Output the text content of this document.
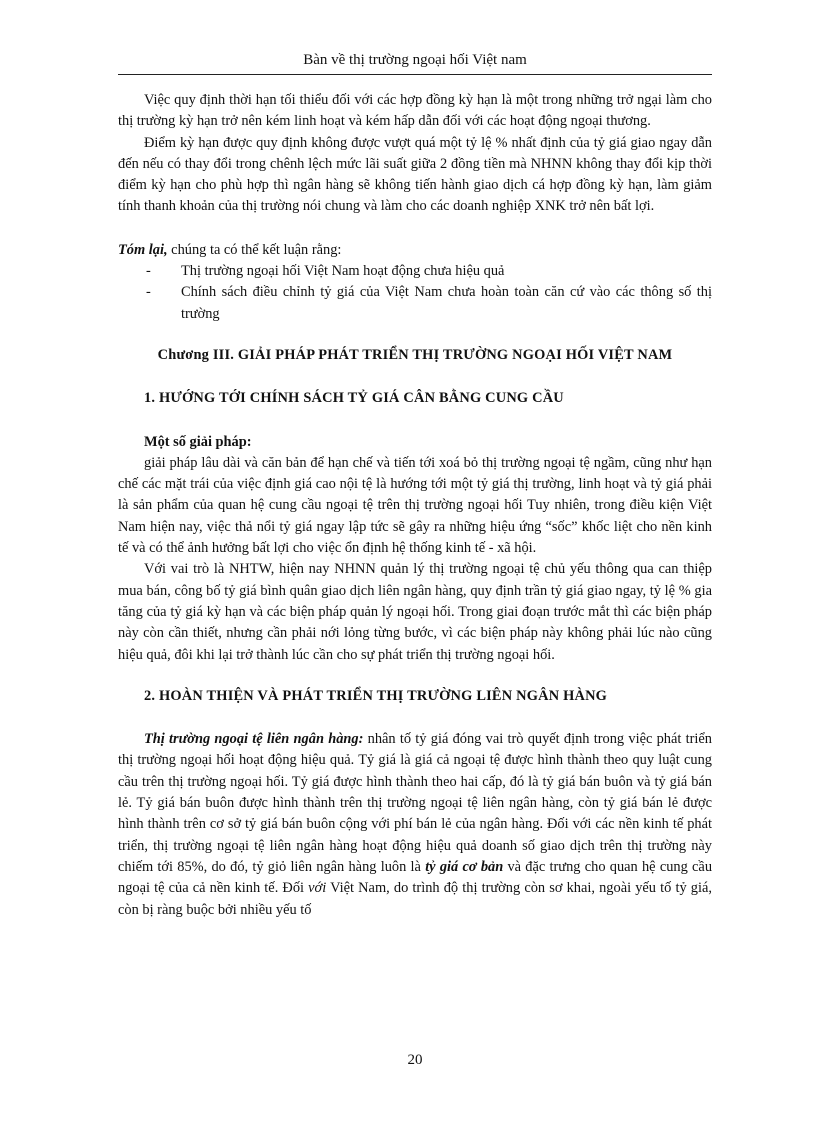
Bàn về thị trường ngoại hối Việt nam

Việc quy định thời hạn tối thiểu đối với các hợp đồng kỳ hạn là một trong những trở ngại làm cho thị trường kỳ hạn trở nên kém linh hoạt và kém hấp dẫn đối với các hoạt động ngoại thương.

Điểm kỳ hạn được quy định không được vượt quá một tỷ lệ % nhất định của tỷ giá giao ngay dẫn đến nếu có thay đổi trong chênh lệch mức lãi suất giữa 2 đồng tiền mà NHNN không thay đổi kịp thời điểm kỳ hạn cho phù hợp thì ngân hàng sẽ không tiến hành giao dịch cá hợp đồng kỳ hạn, làm giảm tính thanh khoản của thị trường nói chung và làm cho các doanh nghiệp XNK trở nên bất lợi.

Tóm lại, chúng ta có thể kết luận rằng:

- Thị trường ngoại hối Việt Nam hoạt động chưa hiệu quả
- Chính sách điều chỉnh tỷ giá của Việt Nam chưa hoàn toàn căn cứ vào các thông số thị trường

Chương III. GIẢI PHÁP PHÁT TRIỂN THỊ TRƯỜNG NGOẠI HỐI VIỆT NAM

1. HƯỚNG TỚI CHÍNH SÁCH TỶ GIÁ CÂN BẰNG CUNG CẦU

Một số giải pháp:

giải pháp lâu dài và căn bản để hạn chế và tiến tới xoá bỏ thị trường ngoại tệ ngầm, cũng như hạn chế các mặt trái của việc định giá cao nội tệ là hướng tới một tỷ giá thị trường, linh hoạt và tỷ giá phải là sản phẩm của quan hệ cung cầu ngoại tệ trên thị trường ngoại hối Tuy nhiên, trong điều kiện Việt Nam hiện nay, việc thả nổi tỷ giá ngay lập tức sẽ gây ra những hiệu ứng “sốc” khốc liệt cho nền kinh tế và có thể ảnh hưởng bất lợi cho việc ổn định hệ thống kinh tế - xã hội.

Với vai trò là NHTW, hiện nay NHNN quản lý thị trường ngoại tệ chủ yếu thông qua can thiệp mua bán, công bố tỷ giá bình quân giao dịch liên ngân hàng, quy định trần tỷ giá giao ngay, tỷ lệ % gia tăng của tỷ giá kỳ hạn và các biện pháp quản lý ngoại hối. Trong giai đoạn trước mắt thì các biện pháp này còn cần thiết, nhưng cần phải nới lỏng từng bước, vì các biện pháp này không phải lúc nào cũng hiệu quả, đôi khi lại trở thành lúc cần cho sự phát triển thị trường ngoại hối.

2. HOÀN THIỆN VÀ PHÁT TRIỂN THỊ TRƯỜNG LIÊN NGÂN HÀNG

Thị trường ngoại tệ liên ngân hàng: nhân tố tỷ giá đóng vai trò quyết định trong việc phát triển thị trường ngoại hối hoạt động hiệu quả. Tỷ giá là giá cả ngoại tệ được hình thành theo quy luật cung cầu trên thị trường ngoại hối. Tỷ giá được hình thành theo hai cấp, đó là tỷ giá bán buôn và tỷ giá bán lẻ. Tỷ giá bán buôn được hình thành trên thị trường ngoại tệ liên ngân hàng, còn tỷ giá bán lẻ được hình thành trên cơ sở tỷ giá bán buôn cộng với phí bán lẻ của ngân hàng. Đối với các nền kinh tế phát triển, thị trường ngoại tệ liên ngân hàng hoạt động hiệu quả doanh số giao dịch trên thị trường này chiếm tới 85%, do đó, tỷ giỏ liên ngân hàng luôn là tỷ giá cơ bản và đặc trưng cho quan hệ cung cầu ngoại tệ của cả nền kinh tế. Đối với Việt Nam, do trình độ thị trường còn sơ khai, ngoài yếu tố tỷ giá, còn bị ràng buộc bởi nhiều yếu tố

20
